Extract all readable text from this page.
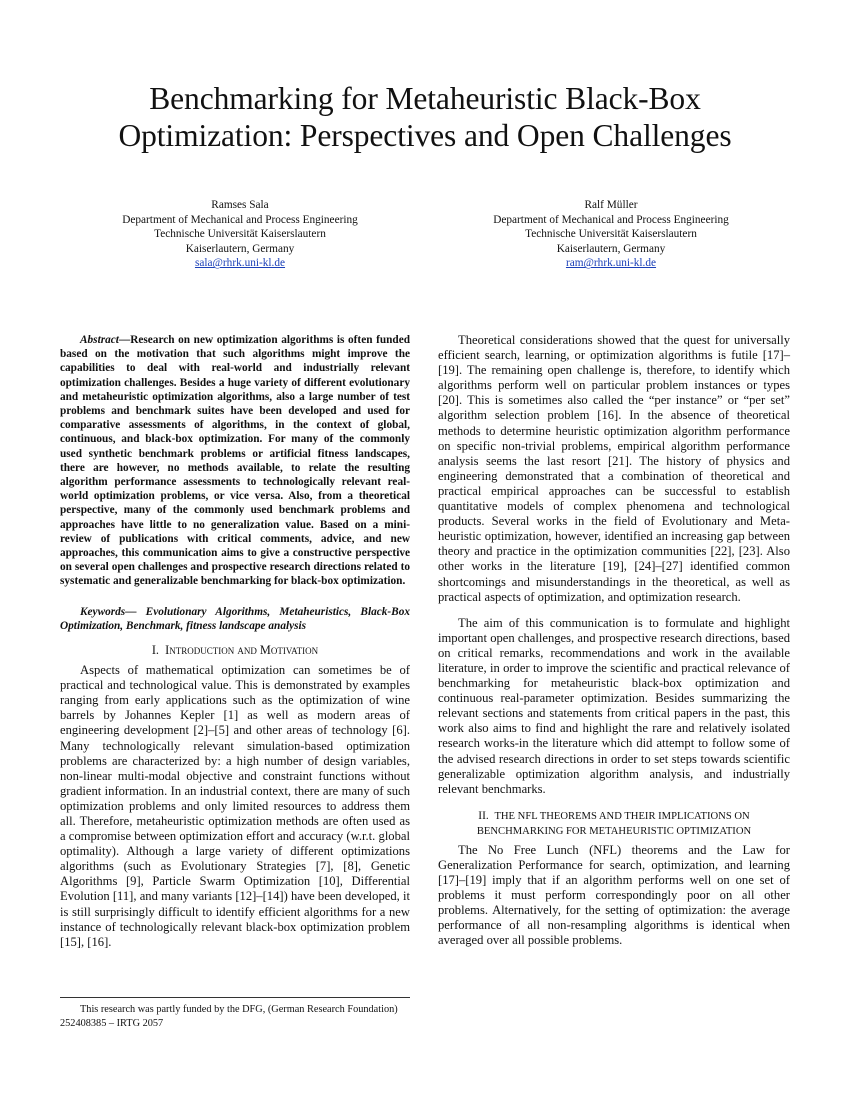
Benchmarking for Metaheuristic Black-Box
Optimization: Perspectives and Open Challenges
Ramses Sala
Department of Mechanical and Process Engineering
Technische Universität Kaiserslautern
Kaiserlautern, Germany
sala@rhrk.uni-kl.de
Ralf Müller
Department of Mechanical and Process Engineering
Technische Universität Kaiserslautern
Kaiserlautern, Germany
ram@rhrk.uni-kl.de

Abstract—Research on new optimization algorithms is often funded based on the motivation that such algorithms might improve the capabilities to deal with real-world and industrially relevant optimization challenges. Besides a huge variety of different evolutionary and metaheuristic optimization algorithms, also a large number of test problems and benchmark suites have been developed and used for comparative assessments of algorithms, in the context of global, continuous, and black-box optimization. For many of the commonly used synthetic benchmark problems or artificial fitness landscapes, there are however, no methods available, to relate the resulting algorithm performance assessments to technologically relevant real-world optimization problems, or vice versa. Also, from a theoretical perspective, many of the commonly used benchmark problems and approaches have little to no generalization value. Based on a mini-review of publications with critical comments, advice, and new approaches, this communication aims to give a constructive perspective on several open challenges and prospective research directions related to systematic and generalizable benchmarking for black-box optimization.

Keywords— Evolutionary Algorithms, Metaheuristics, Black-Box Optimization, Benchmark, fitness landscape analysis

I. Introduction and Motivation

Aspects of mathematical optimization can sometimes be of practical and technological value. This is demonstrated by examples ranging from early applications such as the optimization of wine barrels by Johannes Kepler [1] as well as modern areas of engineering development [2]–[5] and other areas of technology [6]. Many technologically relevant simulation-based optimization problems are characterized by: a high number of design variables, non-linear multi-modal objective and constraint functions without gradient information. In an industrial context, there are many of such optimization problems and only limited resources to address them all. Therefore, metaheuristic optimization methods are often used as a compromise between optimization effort and accuracy (w.r.t. global optimality). Although a large variety of different optimizations algorithms (such as Evolutionary Strategies [7], [8], Genetic Algorithms [9], Particle Swarm Optimization [10], Differential Evolution [11], and many variants [12]–[14]) have been developed, it is still surprisingly difficult to identify efficient algorithms for a new instance of technologically relevant black-box optimization problem [15], [16].

This research was partly funded by the DFG, (German Research Foundation) 252408385 – IRTG 2057

Theoretical considerations showed that the quest for universally efficient search, learning, or optimization algorithms is futile [17]–[19]. The remaining open challenge is, therefore, to identify which algorithms perform well on particular problem instances or types [20]. This is sometimes also called the “per instance” or “per set” algorithm selection problem [16]. In the absence of theoretical methods to determine heuristic optimization algorithm performance on specific non-trivial problems, empirical algorithm performance analysis seems the last resort [21]. The history of physics and engineering demonstrated that a combination of theoretical and practical empirical approaches can be successful to establish quantitative models of complex phenomena and technological products. Several works in the field of Evolutionary and Meta-heuristic optimization, however, identified an increasing gap between theory and practice in the optimization communities [22], [23]. Also other works in the literature [19], [24]–[27] identified common shortcomings and misunderstandings in the theoretical, as well as practical aspects of optimization, and optimization research.

The aim of this communication is to formulate and highlight important open challenges, and prospective research directions, based on critical remarks, recommendations and work in the available literature, in order to improve the scientific and practical relevance of benchmarking for metaheuristic black-box optimization and continuous real-parameter optimization. Besides summarizing the relevant sections and statements from critical papers in the past, this work also aims to find and highlight the rare and relatively isolated research works-in the literature which did attempt to follow some of the advised research directions in order to set steps towards scientific generalizable optimization algorithm analysis, and industrially relevant benchmarks.

II. THE NFL THEOREMS AND THEIR IMPLICATIONS ON
BENCHMARKING FOR METAHEURISTIC OPTIMIZATION

The No Free Lunch (NFL) theorems and the Law for Generalization Performance for search, optimization, and learning [17]–[19] imply that if an algorithm performs well on one set of problems it must perform correspondingly poor on all other problems. Alternatively, for the setting of optimization: the average performance of all non-resampling algorithms is identical when averaged over all possible problems.
